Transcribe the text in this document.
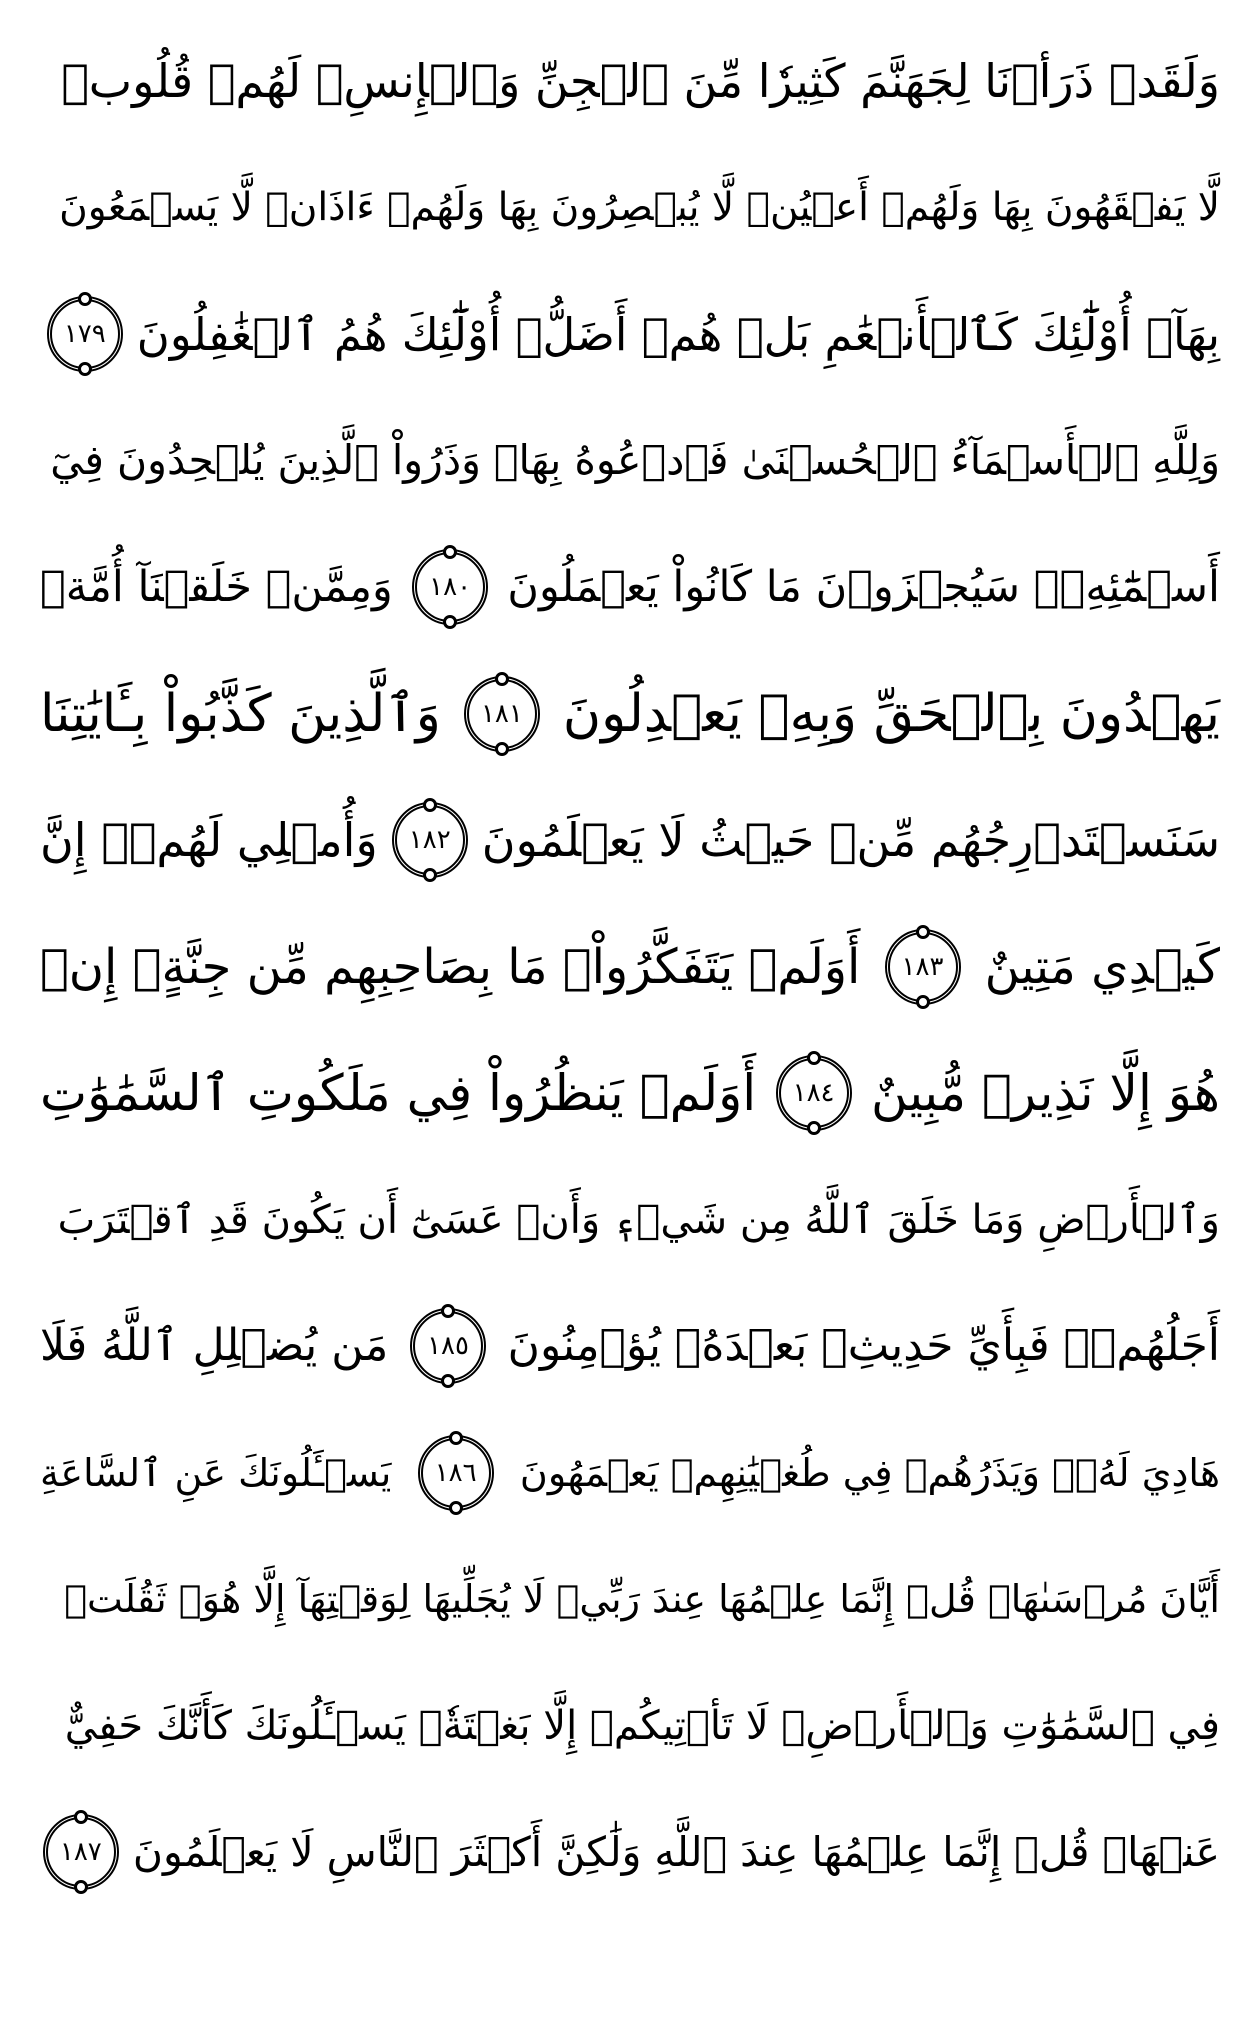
وَلَقَدۡ ذَرَأۡنَا لِجَهَنَّمَ كَثِيرٗا مِّنَ ٱلۡجِنِّ وَٱلۡإِنسِۖ لَهُمۡ قُلُوبٞ
لَّا يَفۡقَهُونَ بِهَا وَلَهُمۡ أَعۡيُنٞ لَّا يُبۡصِرُونَ بِهَا وَلَهُمۡ ءَاذَانٞ لَّا يَسۡمَعُونَ
بِهَآۚ أُوْلَٰٓئِكَ كَٱلۡأَنۡعَٰمِ بَلۡ هُمۡ أَضَلُّۚ أُوْلَٰٓئِكَ هُمُ ٱلۡغَٰفِلُونَ
١٧٩
وَلِلَّهِ ٱلۡأَسۡمَآءُ ٱلۡحُسۡنَىٰ فَٱدۡعُوهُ بِهَاۖ وَذَرُواْ ٱلَّذِينَ يُلۡحِدُونَ فِيٓ
أَسۡمَٰٓئِهِۦۚ سَيُجۡزَوۡنَ مَا كَانُواْ يَعۡمَلُونَ
١٨٠
وَمِمَّنۡ خَلَقۡنَآ أُمَّةٞ
يَهۡدُونَ بِٱلۡحَقِّ وَبِهِۦ يَعۡدِلُونَ
١٨١
وَٱلَّذِينَ كَذَّبُواْ بِـَٔايَٰتِنَا
سَنَسۡتَدۡرِجُهُم مِّنۡ حَيۡثُ لَا يَعۡلَمُونَ
١٨٢
وَأُمۡلِي لَهُمۡۚ إِنَّ
كَيۡدِي مَتِينٌ
١٨٣
أَوَلَمۡ يَتَفَكَّرُواْۗ مَا بِصَاحِبِهِم مِّن جِنَّةٍۚ إِنۡ
هُوَ إِلَّا نَذِيرٞ مُّبِينٌ
١٨٤
أَوَلَمۡ يَنظُرُواْ فِي مَلَكُوتِ ٱلسَّمَٰوَٰتِ
وَٱلۡأَرۡضِ وَمَا خَلَقَ ٱللَّهُ مِن شَيۡءٖ وَأَنۡ عَسَىٰٓ أَن يَكُونَ قَدِ ٱقۡتَرَبَ
أَجَلُهُمۡۖ فَبِأَيِّ حَدِيثِۭ بَعۡدَهُۥ يُؤۡمِنُونَ
١٨٥
مَن يُضۡلِلِ ٱللَّهُ فَلَا
هَادِيَ لَهُۥۚ وَيَذَرُهُمۡ فِي طُغۡيَٰنِهِمۡ يَعۡمَهُونَ
١٨٦
يَسۡـَٔلُونَكَ عَنِ ٱلسَّاعَةِ
أَيَّانَ مُرۡسَىٰهَاۖ قُلۡ إِنَّمَا عِلۡمُهَا عِندَ رَبِّيۖ لَا يُجَلِّيهَا لِوَقۡتِهَآ إِلَّا هُوَۚ ثَقُلَتۡ
فِي ٱلسَّمَٰوَٰتِ وَٱلۡأَرۡضِۚ لَا تَأۡتِيكُمۡ إِلَّا بَغۡتَةٗۗ يَسۡـَٔلُونَكَ كَأَنَّكَ حَفِيٌّ
عَنۡهَاۖ قُلۡ إِنَّمَا عِلۡمُهَا عِندَ ٱللَّهِ وَلَٰكِنَّ أَكۡثَرَ ٱلنَّاسِ لَا يَعۡلَمُونَ
١٨٧
